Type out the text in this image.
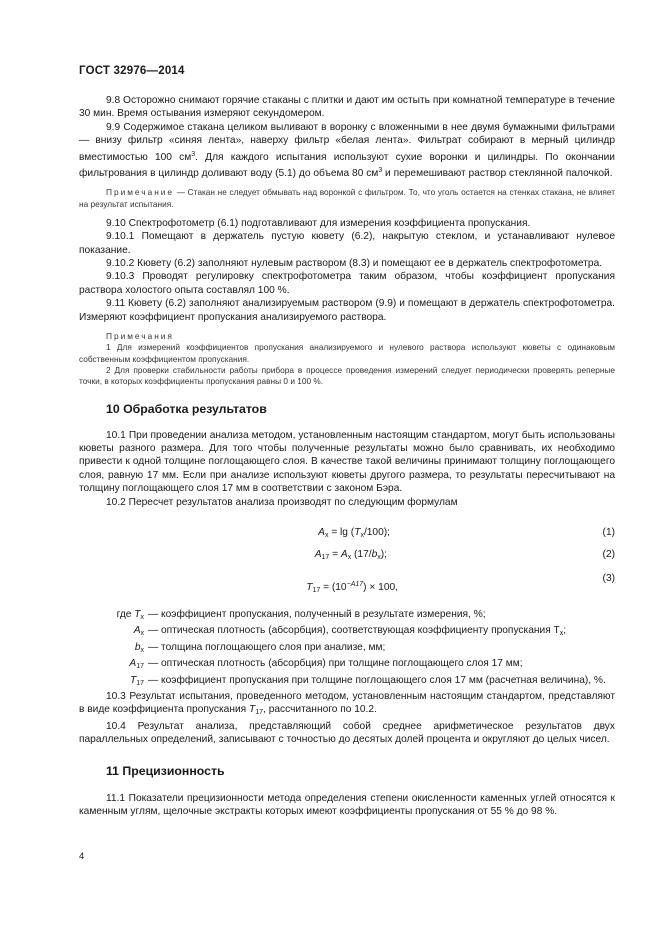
ГОСТ 32976—2014

9.8 Осторожно снимают горячие стаканы с плитки и дают им остыть при комнатной температуре в течение 30 мин. Время остывания измеряют секундомером.

9.9 Содержимое стакана целиком выливают в воронку с вложенными в нее двумя бумажными фильтрами — внизу фильтр «синяя лента», наверху фильтр «белая лента». Фильтрат собирают в мерный цилиндр вместимостью 100 $см^3$. Для каждого испытания используют сухие воронки и цилиндры. По окончании фильтрования в цилиндр доливают воду (5.1) до объема 80 $см^3$ и перемешивают раствор стеклянной палочкой.

Примечание — Стакан не следует обмывать над воронкой с фильтром. То, что уголь остается на стенках стакана, не влияет на результат испытания.

9.10 Спектрофотометр (6.1) подготавливают для измерения коэффициента пропускания.

9.10.1 Помещают в держатель пустую кювету (6.2), накрытую стеклом, и устанавливают нулевое показание.

9.10.2 Кювету (6.2) заполняют нулевым раствором (8.3) и помещают ее в держатель спектрофотометра.

9.10.3 Проводят регулировку спектрофотометра таким образом, чтобы коэффициент пропускания раствора холостого опыта составлял 100 %.

9.11 Кювету (6.2) заполняют анализируемым раствором (9.9) и помещают в держатель спектрофотометра. Измеряют коэффициент пропускания анализируемого раствора.

Примечания

1 Для измерений коэффициентов пропускания анализируемого и нулевого раствора используют кюветы с одинаковым собственным коэффициентом пропускания.

2 Для проверки стабильности работы прибора в процессе проведения измерений следует периодически проверять реперные точки, в которых коэффициенты пропускания равны 0 и 100 %.

10 Обработка результатов

10.1 При проведении анализа методом, установленным настоящим стандартом, могут быть использованы кюветы разного размера. Для того чтобы полученные результаты можно было сравнивать, их необходимо привести к одной толщине поглощающего слоя. В качестве такой величины принимают толщину поглощающего слоя, равную 17 мм. Если при анализе используют кюветы другого размера, то результаты пересчитывают на толщину поглощающего слоя 17 мм в соответствии с законом Бэра.

10.2 Пересчет результатов анализа производят по следующим формулам

$A_x = \lg (T_x/100)$;	(1)
$A_{17} = A_x$ $(17/b_x)$;	(2)
$T_{17} = (10^{-A17}) \times 100$,
(3)
где $T_x$ — коэффициент пропускания, полученный в результате измерения, %;
$A_x$ — оптическая плотность (абсорбция), соответствующая коэффициенту пропускания $T_x$;
$b_x$ — толщина поглощающего слоя при анализе, мм;
$A_{17}$ — оптическая плотность (абсорбция) при толщине поглощающего слоя 17 мм;
$T_{17}$ — коэффициент пропускания при толщине поглощающего слоя 17 мм (расчетная величина), %.

10.3 Результат испытания, проведенного методом, установленным настоящим стандартом, представляют в виде коэффициента пропускания $T_{17}$, рассчитанного по 10.2.

10.4 Результат анализа, представляющий собой среднее арифметическое результатов двух параллельных определений, записывают с точностью до десятых долей процента и округляют до целых чисел.

11 Прецизионность

11.1 Показатели прецизионности метода определения степени окисленности каменных углей относятся к каменным углям, щелочные экстракты которых имеют коэффициенты пропускания от 55 % до 98 %.

4
